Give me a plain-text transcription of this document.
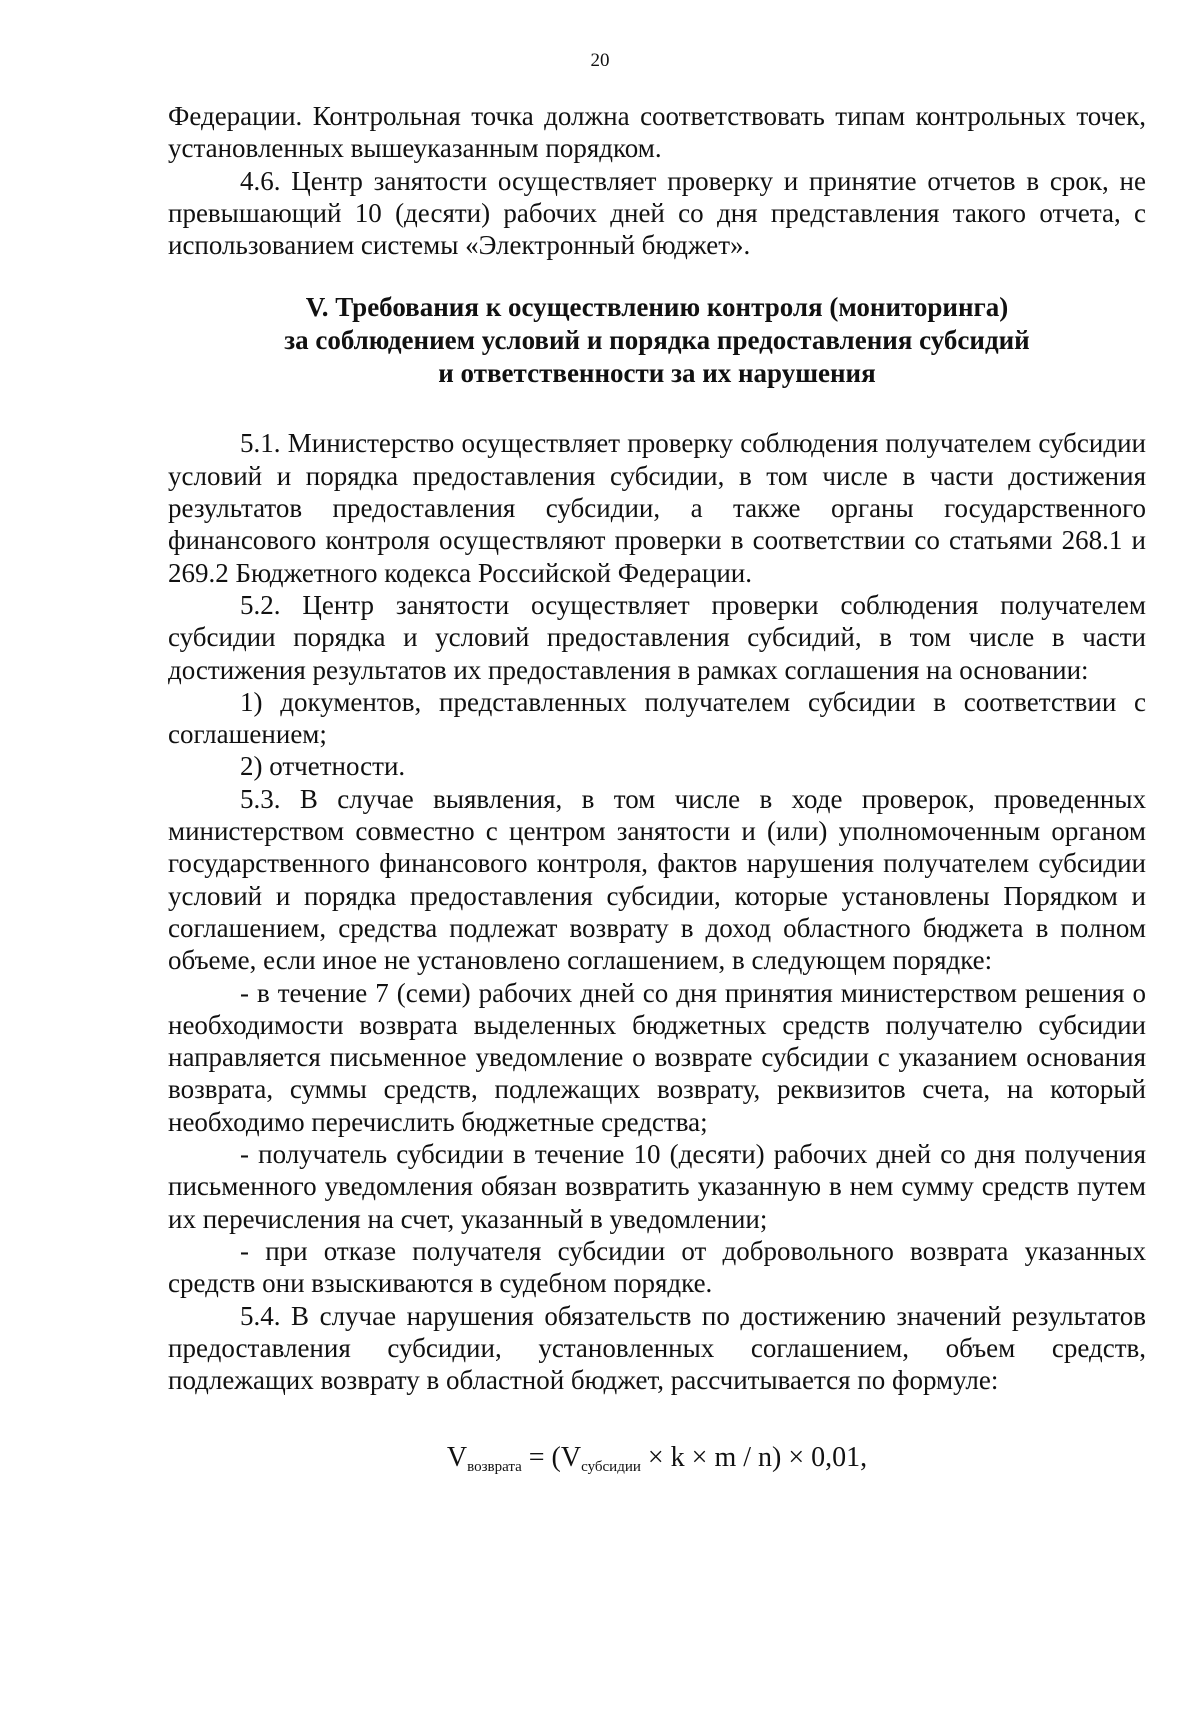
20

Федерации. Контрольная точка должна соответствовать типам контрольных точек, установленных вышеуказанным порядком.

4.6. Центр занятости осуществляет проверку и принятие отчетов в срок, не превышающий 10 (десяти) рабочих дней со дня представления такого отчета, с использованием системы «Электронный бюджет».

V. Требования к осуществлению контроля (мониторинга)
за соблюдением условий и порядка предоставления субсидий
и ответственности за их нарушения

5.1. Министерство осуществляет проверку соблюдения получателем субсидии условий и порядка предоставления субсидии, в том числе в части достижения результатов предоставления субсидии, а также органы государственного финансового контроля осуществляют проверки в соответствии со статьями 268.1 и 269.2 Бюджетного кодекса Российской Федерации.

5.2. Центр занятости осуществляет проверки соблюдения получателем субсидии порядка и условий предоставления субсидий, в том числе в части достижения результатов их предоставления в рамках соглашения на основании:

1) документов, представленных получателем субсидии в соответствии с соглашением;

2) отчетности.

5.3. В случае выявления, в том числе в ходе проверок, проведенных министерством совместно с центром занятости и (или) уполномоченным органом государственного финансового контроля, фактов нарушения получателем субсидии условий и порядка предоставления субсидии, которые установлены Порядком и соглашением, средства подлежат возврату в доход областного бюджета в полном объеме, если иное не установлено соглашением, в следующем порядке:

- в течение 7 (семи) рабочих дней со дня принятия министерством решения о необходимости возврата выделенных бюджетных средств получателю субсидии направляется письменное уведомление о возврате субсидии с указанием основания возврата, суммы средств, подлежащих возврату, реквизитов счета, на который необходимо перечислить бюджетные средства;

- получатель субсидии в течение 10 (десяти) рабочих дней со дня получения письменного уведомления обязан возвратить указанную в нем сумму средств путем их перечисления на счет, указанный в уведомлении;

- при отказе получателя субсидии от добровольного возврата указанных средств они взыскиваются в судебном порядке.

5.4. В случае нарушения обязательств по достижению значений результатов предоставления субсидии, установленных соглашением, объем средств, подлежащих возврату в областной бюджет, рассчитывается по формуле:

$V_{возврата} = (V_{субсидии} \times k \times m / n) \times 0,01$,
